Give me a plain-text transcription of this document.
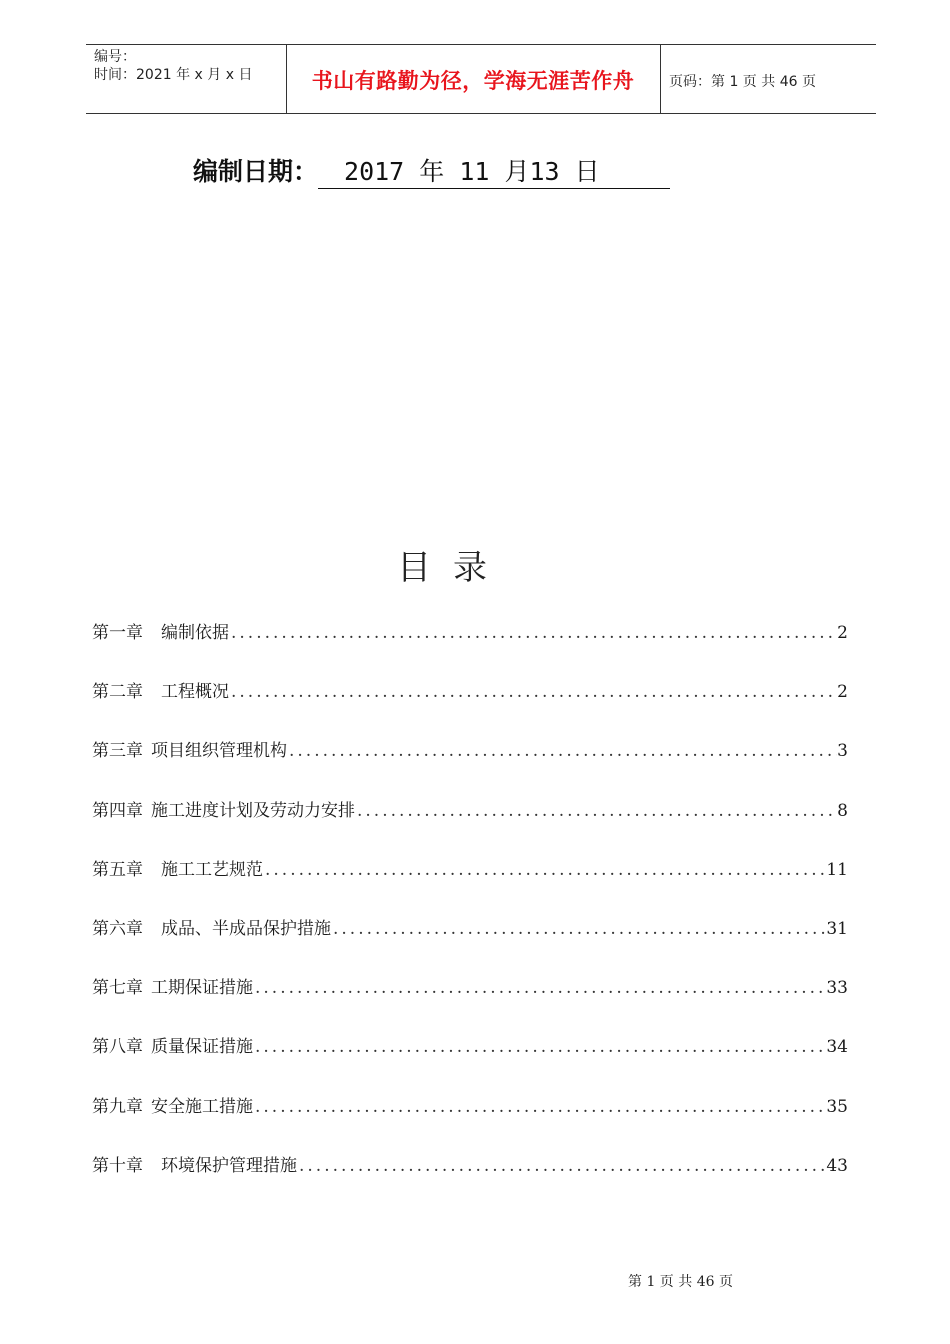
编号：
时间：2021 年 x 月 x 日	书山有路勤为径，学海无涯苦作舟	页码：第 1 页 共 46 页
编制日期： 2017 年 11 月13 日
目录
第一章 编制依据 .....	2
第二章 工程概况 .....	2
第三章 项目组织管理机构 .....	3
第四章 施工进度计划及劳动力安排 .....	8
第五章 施工工艺规范 .....	11
第六章 成品、半成品保护措施 .....	31
第七章 工期保证措施 .....	33
第八章 质量保证措施 .....	34
第九章 安全施工措施 .....	35
第十章 环境保护管理措施 .....	43
第 1 页 共 46 页
